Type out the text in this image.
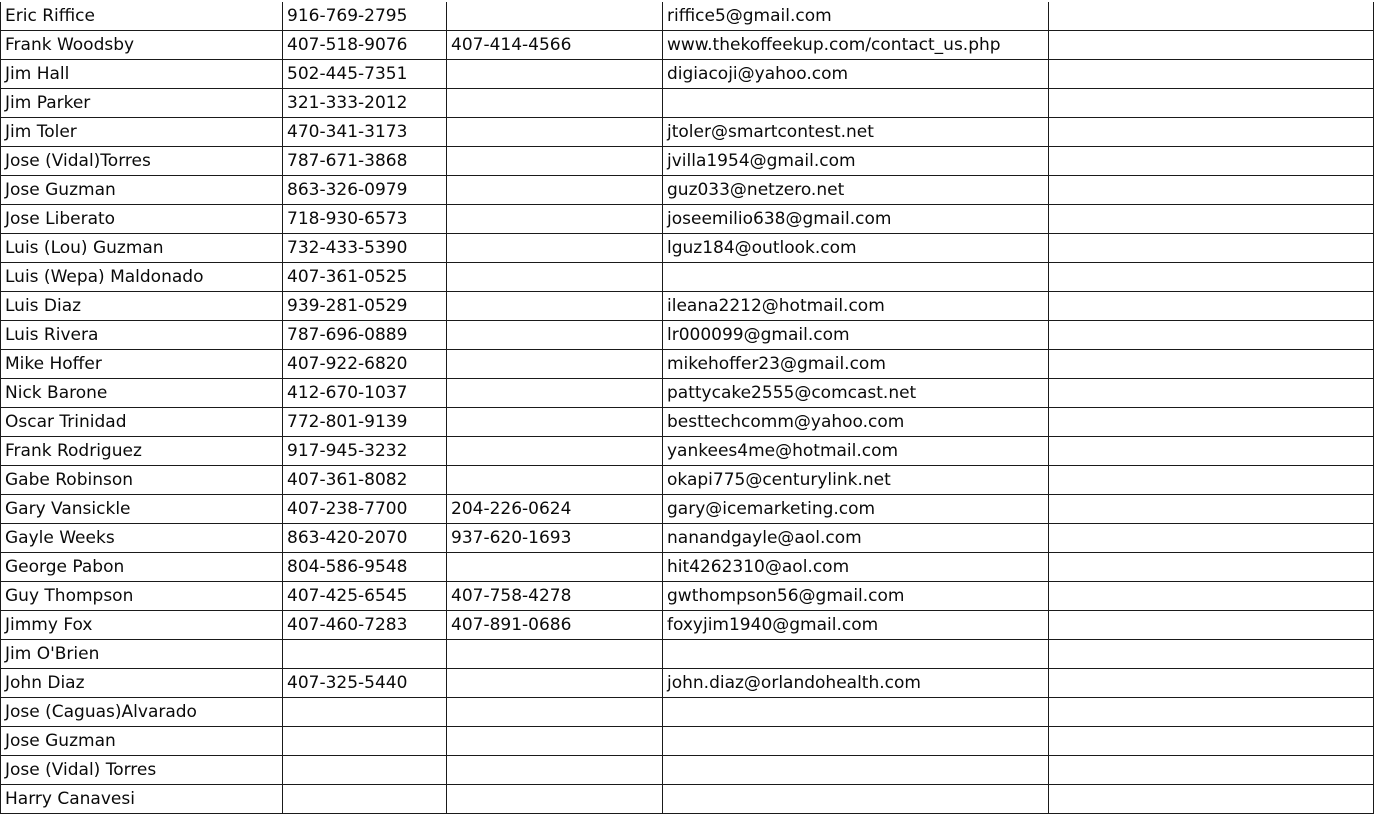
Eric Riffice	916-769-2795		riffice5@gmail.com	
Frank Woodsby	407-518-9076	407-414-4566	www.thekoffeekup.com/contact_us.php	
Jim Hall	502-445-7351		digiacoji@yahoo.com	
Jim Parker	321-333-2012			
Jim Toler	470-341-3173		jtoler@smartcontest.net	
Jose (Vidal)Torres	787-671-3868		jvilla1954@gmail.com	
Jose Guzman	863-326-0979		guz033@netzero.net	
Jose Liberato	718-930-6573		joseemilio638@gmail.com	
Luis (Lou) Guzman	732-433-5390		lguz184@outlook.com	
Luis (Wepa) Maldonado	407-361-0525			
Luis Diaz	939-281-0529		ileana2212@hotmail.com	
Luis Rivera	787-696-0889		lr000099@gmail.com	
Mike Hoffer	407-922-6820		mikehoffer23@gmail.com	
Nick Barone	412-670-1037		pattycake2555@comcast.net	
Oscar Trinidad	772-801-9139		besttechcomm@yahoo.com	
Frank Rodriguez	917-945-3232		yankees4me@hotmail.com	
Gabe Robinson	407-361-8082		okapi775@centurylink.net	
Gary Vansickle	407-238-7700	204-226-0624	gary@icemarketing.com	
Gayle Weeks	863-420-2070	937-620-1693	nanandgayle@aol.com	
George Pabon	804-586-9548		hit4262310@aol.com	
Guy Thompson	407-425-6545	407-758-4278	gwthompson56@gmail.com	
Jimmy Fox	407-460-7283	407-891-0686	foxyjim1940@gmail.com	
Jim O'Brien				
John Diaz	407-325-5440		john.diaz@orlandohealth.com	
Jose (Caguas)Alvarado				
Jose Guzman				
Jose (Vidal) Torres				
Harry Canavesi				
